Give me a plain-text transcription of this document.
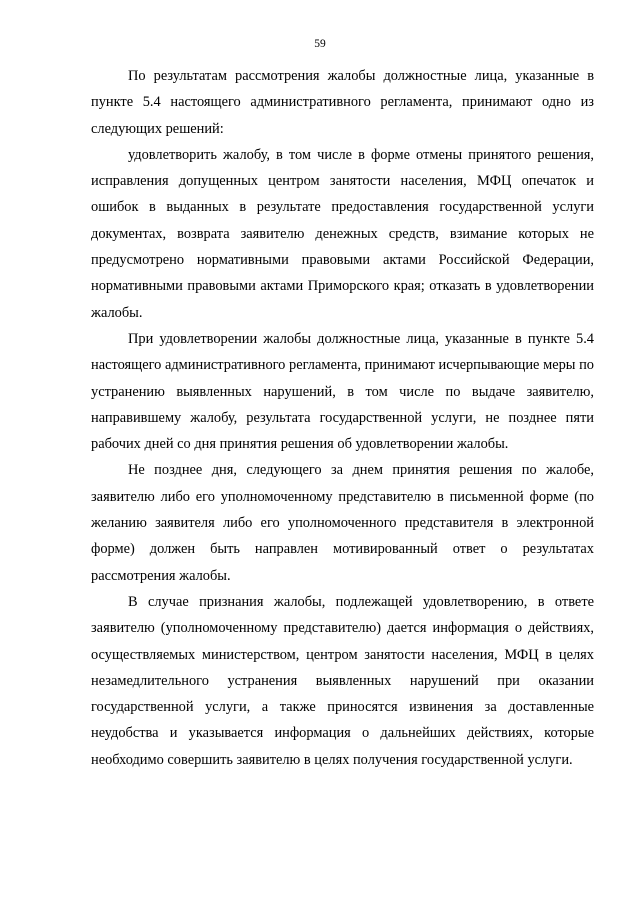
59

По результатам рассмотрения жалобы должностные лица, указанные в пункте 5.4 настоящего административного регламента, принимают одно из следующих решений:

удовлетворить жалобу, в том числе в форме отмены принятого решения, исправления допущенных центром занятости населения, МФЦ опечаток и ошибок в выданных в результате предоставления государственной услуги документах, возврата заявителю денежных средств, взимание которых не предусмотрено нормативными правовыми актами Российской Федерации, нормативными правовыми актами Приморского края; отказать в удовлетворении жалобы.

При удовлетворении жалобы должностные лица, указанные в пункте 5.4 настоящего административного регламента, принимают исчерпывающие меры по устранению выявленных нарушений, в том числе по выдаче заявителю, направившему жалобу, результата государственной услуги, не позднее пяти рабочих дней со дня принятия решения об удовлетворении жалобы.

Не позднее дня, следующего за днем принятия решения по жалобе, заявителю либо его уполномоченному представителю в письменной форме (по желанию заявителя либо его уполномоченного представителя в электронной форме) должен быть направлен мотивированный ответ о результатах рассмотрения жалобы.

В случае признания жалобы, подлежащей удовлетворению, в ответе заявителю (уполномоченному представителю) дается информация о действиях, осуществляемых министерством, центром занятости населения, МФЦ в целях незамедлительного устранения выявленных нарушений при оказании государственной услуги, а также приносятся извинения за доставленные неудобства и указывается информация о дальнейших действиях, которые необходимо совершить заявителю в целях получения государственной услуги.
